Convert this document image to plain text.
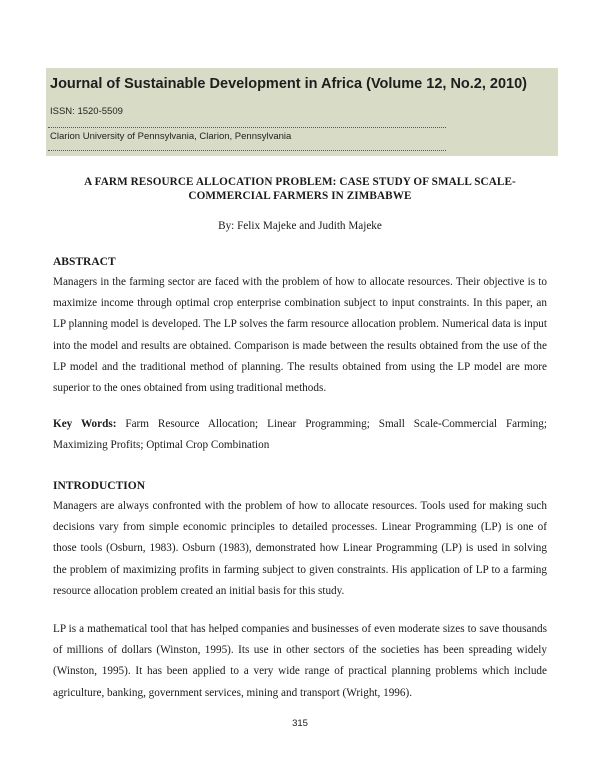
Journal of Sustainable Development in Africa (Volume 12, No.2, 2010)
ISSN: 1520-5509
Clarion University of Pennsylvania, Clarion, Pennsylvania
A FARM RESOURCE ALLOCATION PROBLEM: CASE STUDY OF SMALL SCALE-COMMERCIAL FARMERS IN ZIMBABWE
By: Felix Majeke and Judith Majeke
ABSTRACT
Managers in the farming sector are faced with the problem of how to allocate resources. Their objective is to maximize income through optimal crop enterprise combination subject to input constraints. In this paper, an LP planning model is developed. The LP solves the farm resource allocation problem. Numerical data is input into the model and results are obtained. Comparison is made between the results obtained from the use of the LP model and the traditional method of planning. The results obtained from using the LP model are more superior to the ones obtained from using traditional methods.
Key Words: Farm Resource Allocation; Linear Programming; Small Scale-Commercial Farming; Maximizing Profits; Optimal Crop Combination
INTRODUCTION
Managers are always confronted with the problem of how to allocate resources. Tools used for making such decisions vary from simple economic principles to detailed processes. Linear Programming (LP) is one of those tools (Osburn, 1983). Osburn (1983), demonstrated how Linear Programming (LP) is used in solving the problem of maximizing profits in farming subject to given constraints. His application of LP to a farming resource allocation problem created an initial basis for this study.
LP is a mathematical tool that has helped companies and businesses of even moderate sizes to save thousands of millions of dollars (Winston, 1995). Its use in other sectors of the societies has been spreading widely (Winston, 1995). It has been applied to a very wide range of practical planning problems which include agriculture, banking, government services, mining and transport (Wright, 1996).
315
